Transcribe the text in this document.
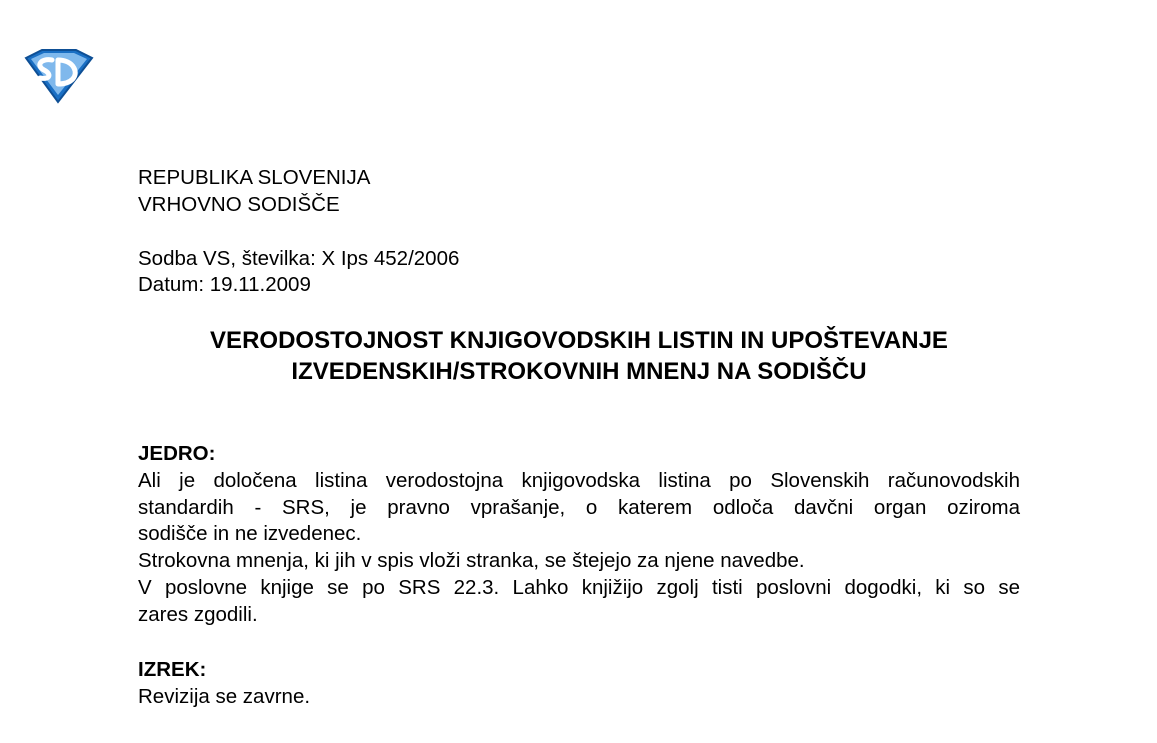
REPUBLIKA SLOVENIJA
VRHOVNO SODIŠČE
Sodba VS, številka: X Ips 452/2006
Datum: 19.11.2009
VERODOSTOJNOST KNJIGOVODSKIH LISTIN IN UPOŠTEVANJE
IZVEDENSKIH/STROKOVNIH MNENJ NA SODIŠČU
JEDRO:
Ali je določena listina verodostojna knjigovodska listina po Slovenskih računovodskih
standardih - SRS, je pravno vprašanje, o katerem odloča davčni organ oziroma
sodišče in ne izvedenec.
Strokovna mnenja, ki jih v spis vloži stranka, se štejejo za njene navedbe.
V poslovne knjige se po SRS 22.3. Lahko knjižijo zgolj tisti poslovni dogodki, ki so se
zares zgodili.
IZREK:
Revizija se zavrne.
